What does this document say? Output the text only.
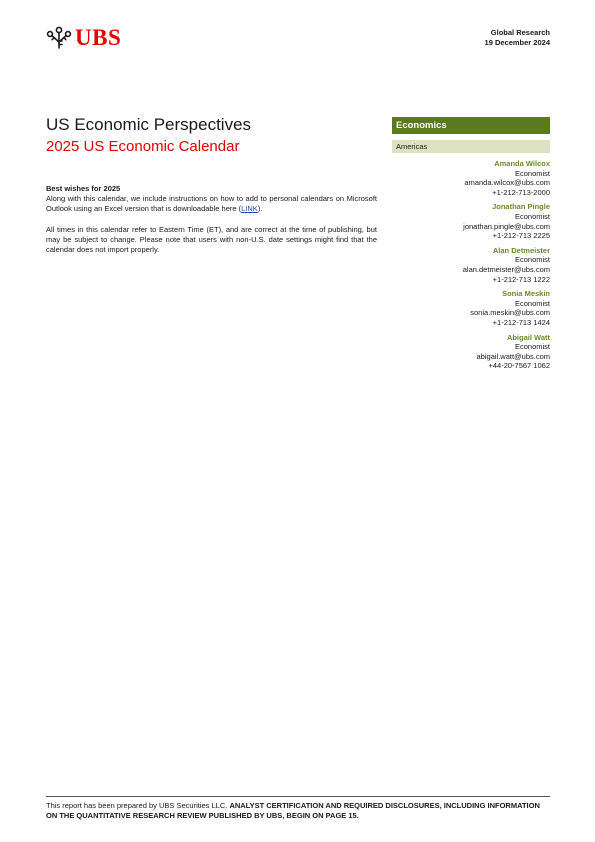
UBS	Global Research
19 December 2024
US Economic Perspectives
2025 US Economic Calendar
Best wishes for 2025

Along with this calendar, we include instructions on how to add to personal calendars on Microsoft Outlook using an Excel version that is downloadable here (LINK).

All times in this calendar refer to Eastern Time (ET), and are correct at the time of publishing, but may be subject to change. Please note that users with non-U.S. date settings might find that the calendar does not import properly.

Economics
Americas
Amanda Wilcox
Economist
amanda.wilcox@ubs.com
+1-212-713-2000
Jonathan Pingle
Economist
jonathan.pingle@ubs.com
+1-212-713 2225
Alan Detmeister
Economist
alan.detmeister@ubs.com
+1-212-713 1222
Sonia Meskin
Economist
sonia.meskin@ubs.com
+1-212-713 1424
Abigail Watt
Economist
abigail.watt@ubs.com
+44-20-7567 1062
This report has been prepared by UBS Securities LLC. ANALYST CERTIFICATION AND REQUIRED DISCLOSURES, INCLUDING INFORMATION ON THE QUANTITATIVE RESEARCH REVIEW PUBLISHED BY UBS, BEGIN ON PAGE 15.
